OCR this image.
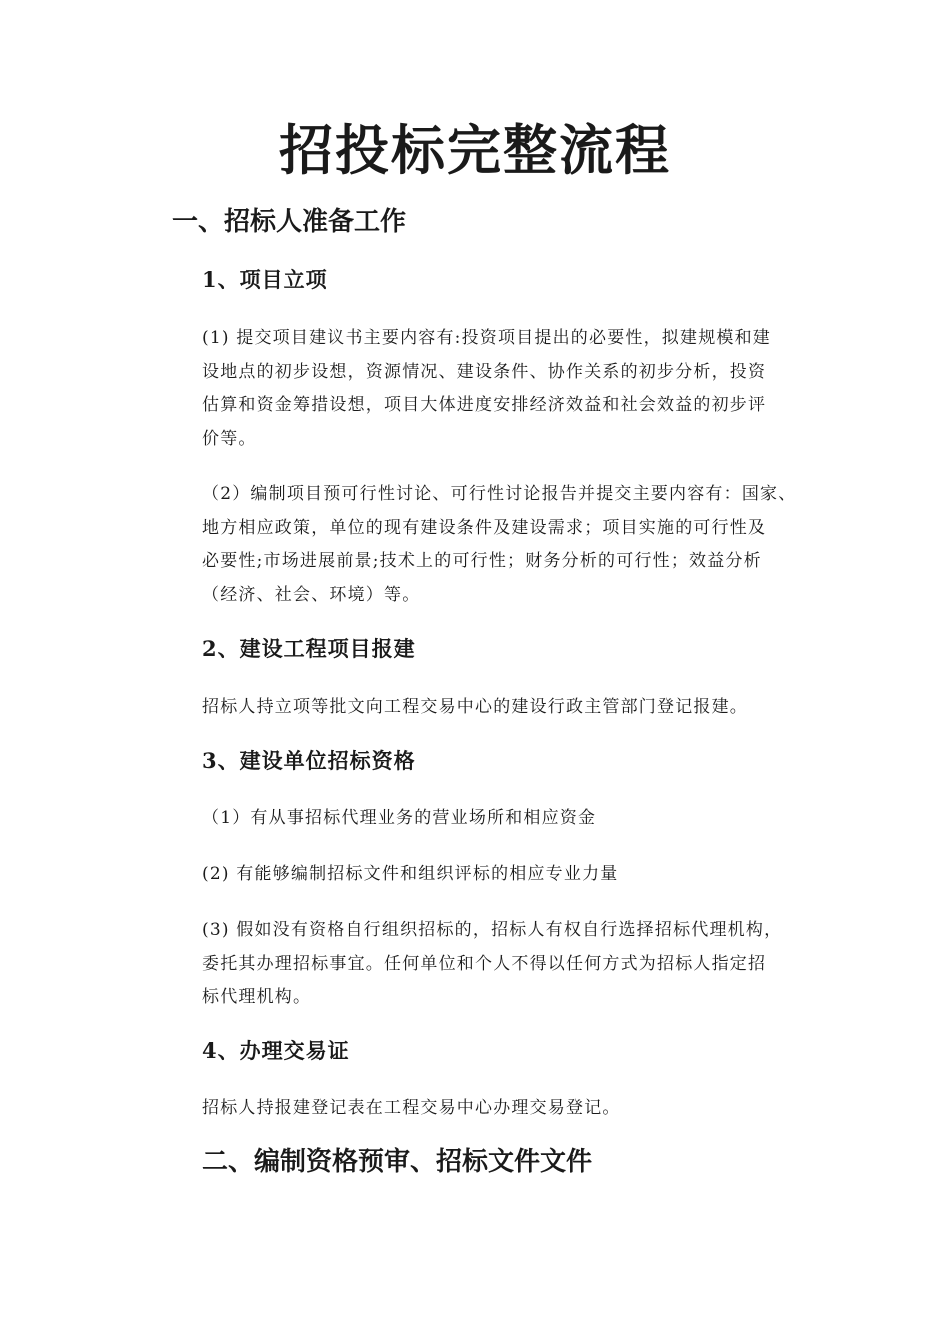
招投标完整流程
一、招标人准备工作
1、项目立项

(1) 提交项目建议书主要内容有:投资项目提出的必要性，拟建规模和建
设地点的初步设想，资源情况、建设条件、协作关系的初步分析，投资
估算和资金筹措设想，项目大体进度安排经济效益和社会效益的初步评
价等。

（2）编制项目预可行性讨论、可行性讨论报告并提交主要内容有：国家、
地方相应政策，单位的现有建设条件及建设需求；项目实施的可行性及
必要性;市场进展前景;技术上的可行性；财务分析的可行性；效益分析
（经济、社会、环境）等。

2、建设工程项目报建

招标人持立项等批文向工程交易中心的建设行政主管部门登记报建。

3、建设单位招标资格

（1）有从事招标代理业务的营业场所和相应资金

(2) 有能够编制招标文件和组织评标的相应专业力量

(3) 假如没有资格自行组织招标的，招标人有权自行选择招标代理机构，
委托其办理招标事宜。任何单位和个人不得以任何方式为招标人指定招
标代理机构。

4、办理交易证

招标人持报建登记表在工程交易中心办理交易登记。

二、编制资格预审、招标文件文件
